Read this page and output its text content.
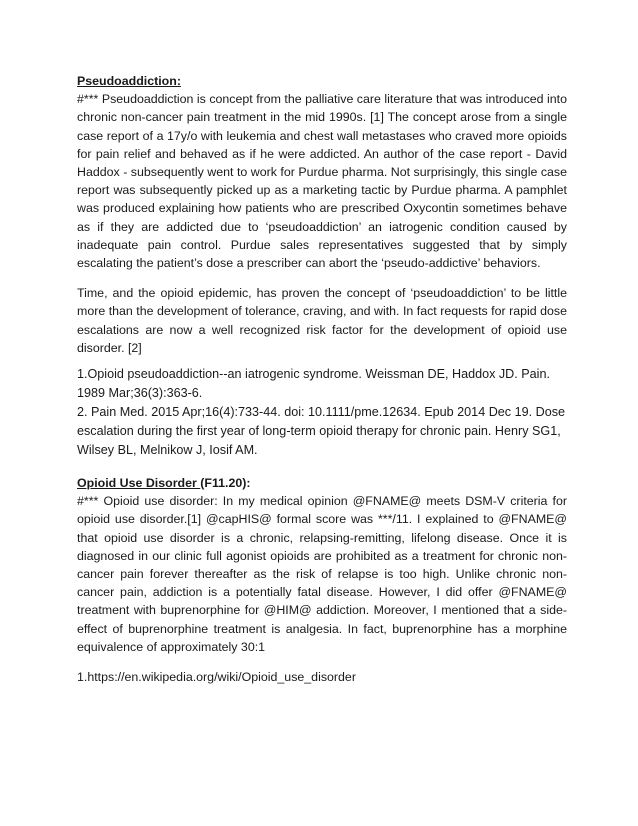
Pseudoaddiction:

#*** Pseudoaddiction is concept from the palliative care literature that was introduced into chronic non-cancer pain treatment in the mid 1990s. [1] The concept arose from a single case report of a 17y/o with leukemia and chest wall metastases who craved more opioids for pain relief and behaved as if he were addicted. An author of the case report - David Haddox - subsequently went to work for Purdue pharma. Not surprisingly, this single case report was subsequently picked up as a marketing tactic by Purdue pharma. A pamphlet was produced explaining how patients who are prescribed Oxycontin sometimes behave as if they are addicted due to ‘pseudoaddiction’ an iatrogenic condition caused by inadequate pain control. Purdue sales representatives suggested that by simply escalating the patient’s dose a prescriber can abort the ‘pseudo-addictive’ behaviors.

Time, and the opioid epidemic, has proven the concept of ‘pseudoaddiction’ to be little more than the development of tolerance, craving, and with. In fact requests for rapid dose escalations are now a well recognized risk factor for the development of opioid use disorder. [2]

1.Opioid pseudoaddiction--an iatrogenic syndrome. Weissman DE, Haddox JD. Pain. 1989 Mar;36(3):363-6.

2. Pain Med. 2015 Apr;16(4):733-44. doi: 10.1111/pme.12634. Epub 2014 Dec 19. Dose escalation during the first year of long-term opioid therapy for chronic pain. Henry SG1, Wilsey BL, Melnikow J, Iosif AM.

Opioid Use Disorder (F11.20):

#*** Opioid use disorder: In my medical opinion @FNAME@ meets DSM-V criteria for opioid use disorder.[1] @capHIS@ formal score was ***/11. I explained to @FNAME@ that opioid use disorder is a chronic, relapsing-remitting, lifelong disease. Once it is diagnosed in our clinic full agonist opioids are prohibited as a treatment for chronic non-cancer pain forever thereafter as the risk of relapse is too high. Unlike chronic non-cancer pain, addiction is a potentially fatal disease. However, I did offer @FNAME@ treatment with buprenorphine for @HIM@ addiction. Moreover, I mentioned that a side-effect of buprenorphine treatment is analgesia. In fact, buprenorphine has a morphine equivalence of approximately 30:1

1.https://en.wikipedia.org/wiki/Opioid_use_disorder
